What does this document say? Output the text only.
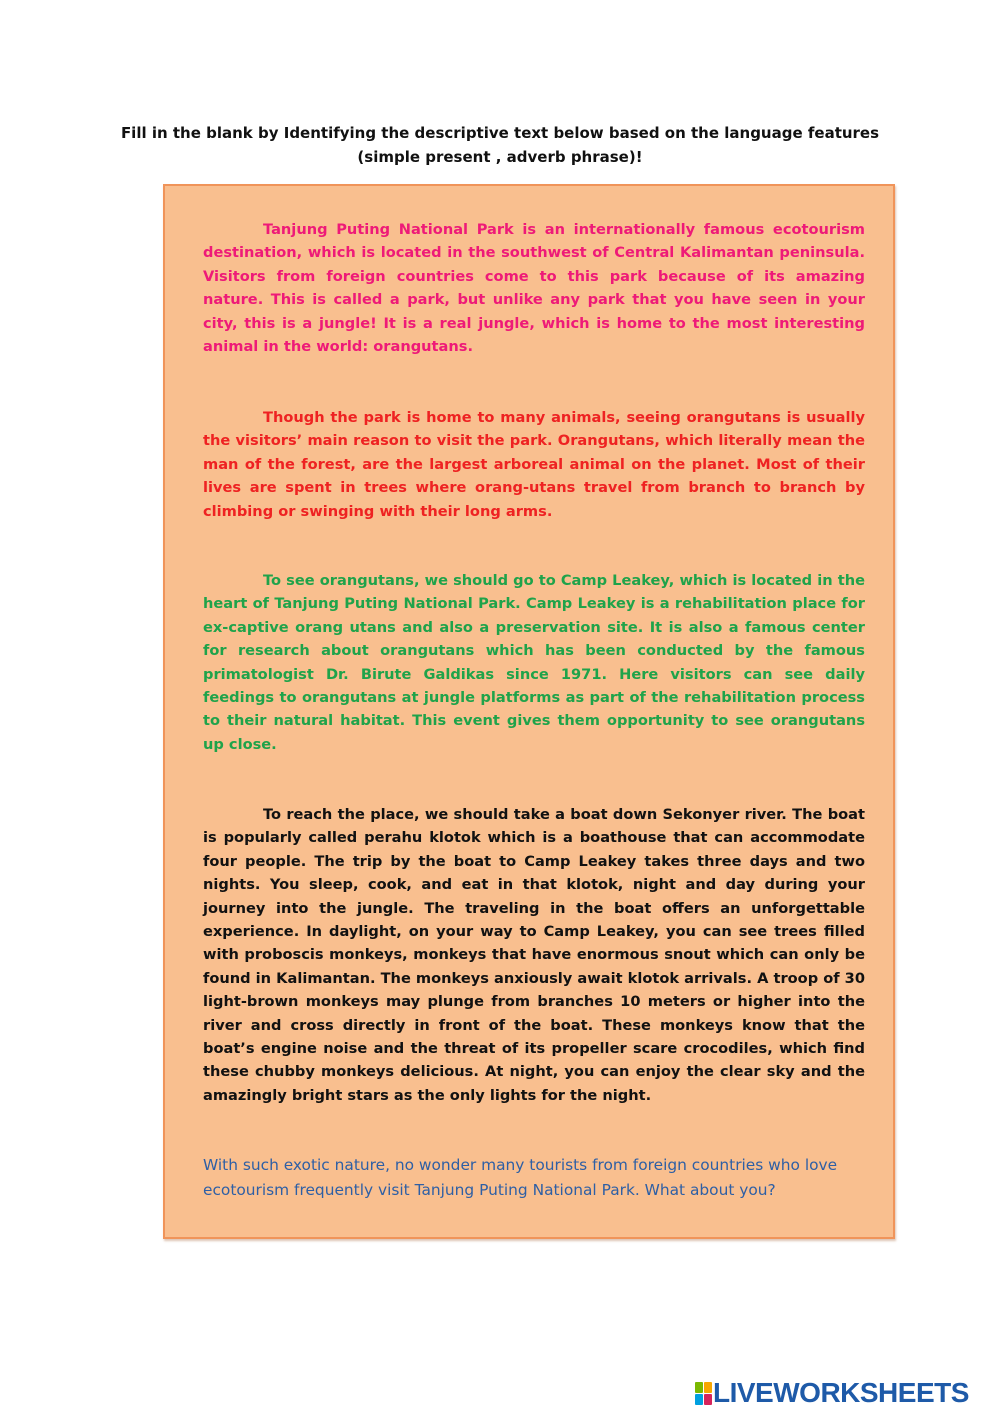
Fill in the blank by Identifying the descriptive text below based on the language features
(simple present , adverb phrase)!

Tanjung Puting National Park is an internationally famous ecotourism destination, which is located in the southwest of Central Kalimantan peninsula. Visitors from foreign countries come to this park because of its amazing nature. This is called a park, but unlike any park that you have seen in your city, this is a jungle! It is a real jungle, which is home to the most interesting animal in the world: orangutans.

Though the park is home to many animals, seeing orangutans is usually the visitors’ main reason to visit the park. Orangutans, which literally mean the man of the forest, are the largest arboreal animal on the planet. Most of their lives are spent in trees where orang-utans travel from branch to branch by climbing or swinging with their long arms.

To see orangutans, we should go to Camp Leakey, which is located in the heart of Tanjung Puting National Park. Camp Leakey is a rehabilitation place for ex-captive orang utans and also a preservation site. It is also a famous center for research about orangutans which has been conducted by the famous primatologist Dr. Birute Galdikas since 1971. Here visitors can see daily feedings to orangutans at jungle platforms as part of the rehabilitation process to their natural habitat. This event gives them opportunity to see orangutans up close.

To reach the place, we should take a boat down Sekonyer river. The boat is popularly called perahu klotok which is a boathouse that can accommodate four people. The trip by the boat to Camp Leakey takes three days and two nights. You sleep, cook, and eat in that klotok, night and day during your journey into the jungle. The traveling in the boat offers an unforgettable experience. In daylight, on your way to Camp Leakey, you can see trees filled with proboscis monkeys, monkeys that have enormous snout which can only be found in Kalimantan. The monkeys anxiously await klotok arrivals. A troop of 30 light-brown monkeys may plunge from branches 10 meters or higher into the river and cross directly in front of the boat. These monkeys know that the boat’s engine noise and the threat of its propeller scare crocodiles, which find these chubby monkeys delicious. At night, you can enjoy the clear sky and the amazingly bright stars as the only lights for the night.

With such exotic nature, no wonder many tourists from foreign countries who love ecotourism frequently visit Tanjung Puting National Park. What about you?

LIVEWORKSHEETS
